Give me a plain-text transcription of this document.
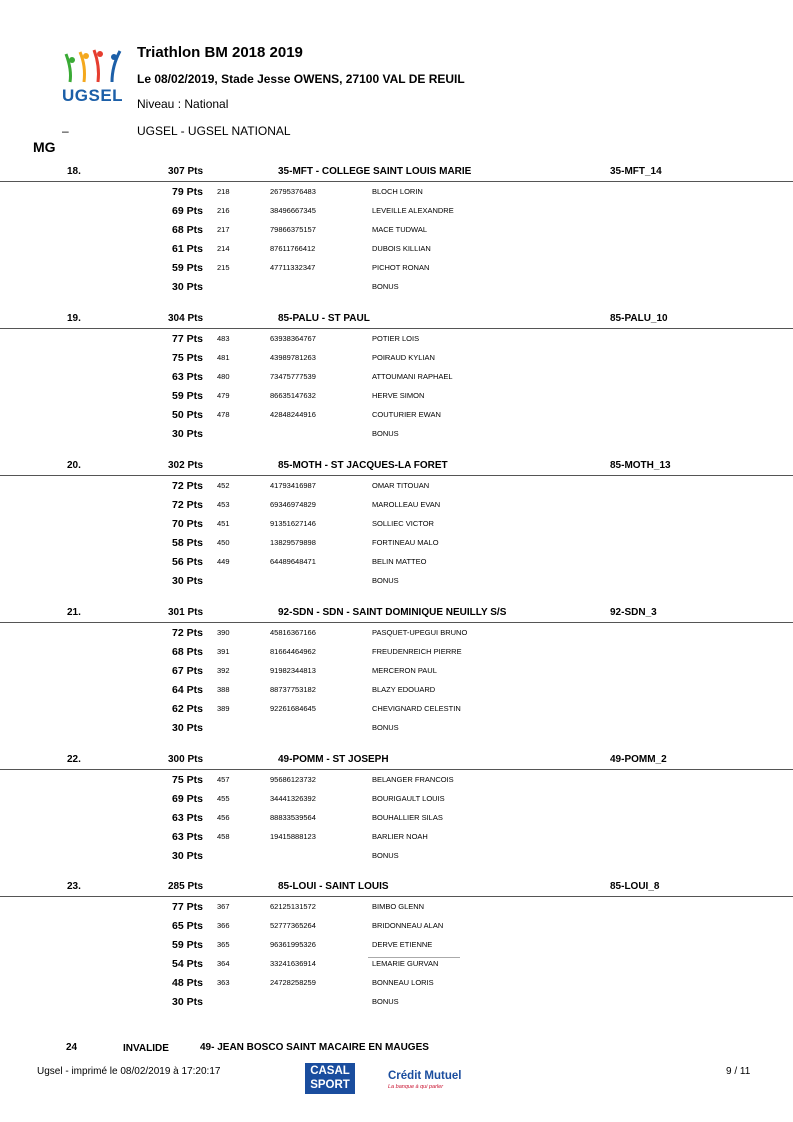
UGSEL
Triathlon BM 2018 2019
Le 08/02/2019, Stade Jesse OWENS, 27100 VAL DE REUIL
Niveau : National
–	UGSEL - UGSEL NATIONAL
MG
18.	307 Pts	35-MFT - COLLEGE SAINT LOUIS MARIE	35-MFT_14
79 Pts 218	26795376483	BLOCH LORIN
69 Pts 216	38496667345	LEVEILLE ALEXANDRE
68 Pts 217	79866375157	MACE TUDWAL
61 Pts 214	87611766412	DUBOIS KILLIAN
59 Pts 215	47711332347	PICHOT RONAN
30 Pts	BONUS
19.	304 Pts	85-PALU - ST PAUL	85-PALU_10
77 Pts 483	63938364767	POTIER LOIS
75 Pts 481	43989781263	POIRAUD KYLIAN
63 Pts 480	73475777539	ATTOUMANI RAPHAEL
59 Pts 479	86635147632	HERVE SIMON
50 Pts 478	42848244916	COUTURIER EWAN
30 Pts	BONUS
20.	302 Pts	85-MOTH - ST JACQUES-LA FORET	85-MOTH_13
72 Pts 452	41793416987	OMAR TITOUAN
72 Pts 453	69346974829	MAROLLEAU EVAN
70 Pts 451	91351627146	SOLLIEC VICTOR
58 Pts 450	13829579898	FORTINEAU MALO
56 Pts 449	64489648471	BELIN MATTEO
30 Pts	BONUS
21.	301 Pts	92-SDN - SDN - SAINT DOMINIQUE NEUILLY S/S	92-SDN_3
72 Pts 390	45816367166	PASQUET-UPEGUI BRUNO
68 Pts 391	81664464962	FREUDENREICH PIERRE
67 Pts 392	91982344813	MERCERON PAUL
64 Pts 388	88737753182	BLAZY EDOUARD
62 Pts 389	92261684645	CHEVIGNARD CELESTIN
30 Pts	BONUS
22.	300 Pts	49-POMM - ST JOSEPH	49-POMM_2
75 Pts 457	95686123732	BELANGER FRANCOIS
69 Pts 455	34441326392	BOURIGAULT LOUIS
63 Pts 456	88833539564	BOUHALLIER SILAS
63 Pts 458	19415888123	BARLIER NOAH
30 Pts	BONUS
23.	285 Pts	85-LOUI - SAINT LOUIS	85-LOUI_8
77 Pts 367	62125131572	BIMBO GLENN
65 Pts 366	52777365264	BRIDONNEAU ALAN
59 Pts 365	96361995326	DERVE ETIENNE
54 Pts 364	33241636914	LEMARIE GURVAN
48 Pts 363	24728258259	BONNEAU LORIS
30 Pts	BONUS
24	INVALIDE	49- JEAN BOSCO SAINT MACAIRE EN MAUGES
Ugsel - imprimé le 08/02/2019 à 17:20:17	CASAL
SPORT
Crédit Mutuel
La banque à qui parler
9 / 11
